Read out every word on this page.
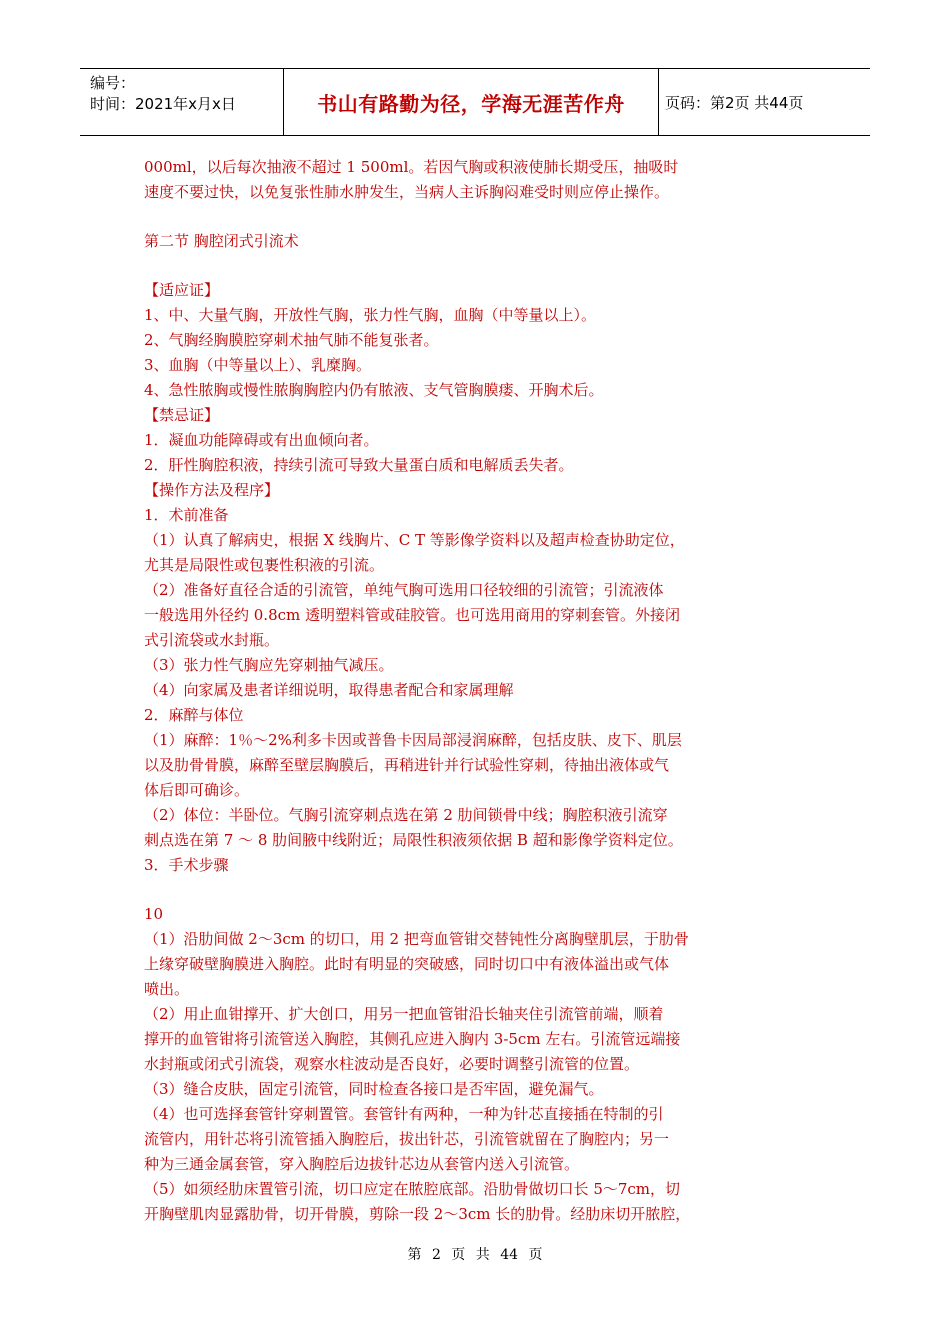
编号：
时间：2021年x月x日	书山有路勤为径，学海无涯苦作舟	页码：第2页 共44页
000ml，以后每次抽液不超过 1 500ml。若因气胸或积液使肺长期受压，抽吸时
速度不要过快，以免复张性肺水肿发生，当病人主诉胸闷难受时则应停止操作。
第二节 胸腔闭式引流术
【适应证】
1、中、大量气胸，开放性气胸，张力性气胸，血胸（中等量以上）。
2、气胸经胸膜腔穿刺术抽气肺不能复张者。
3、血胸（中等量以上）、乳糜胸。
4、急性脓胸或慢性脓胸胸腔内仍有脓液、支气管胸膜瘘、开胸术后。
【禁忌证】
1．凝血功能障碍或有出血倾向者。
2．肝性胸腔积液，持续引流可导致大量蛋白质和电解质丢失者。
【操作方法及程序】
1．术前准备
（1）认真了解病史，根据 X 线胸片、C T 等影像学资料以及超声检查协助定位，
尤其是局限性或包裹性积液的引流。
（2）准备好直径合适的引流管，单纯气胸可选用口径较细的引流管；引流液体
一般选用外径约 0.8cm 透明塑料管或硅胶管。也可选用商用的穿刺套管。外接闭
式引流袋或水封瓶。
（3）张力性气胸应先穿刺抽气减压。
（4）向家属及患者详细说明，取得患者配合和家属理解
2．麻醉与体位
（1）麻醉：1％～2%利多卡因或普鲁卡因局部浸润麻醉，包括皮肤、皮下、肌层
以及肋骨骨膜，麻醉至壁层胸膜后，再稍进针并行试验性穿刺，待抽出液体或气
体后即可确诊。
（2）体位：半卧位。气胸引流穿刺点选在第 2 肋间锁骨中线；胸腔积液引流穿
刺点选在第 7 ～ 8 肋间腋中线附近；局限性积液须依据 B 超和影像学资料定位。
3．手术步骤
10
（1）沿肋间做 2～3cm 的切口，用 2 把弯血管钳交替钝性分离胸壁肌层，于肋骨
上缘穿破壁胸膜进入胸腔。此时有明显的突破感，同时切口中有液体溢出或气体
喷出。
（2）用止血钳撑开、扩大创口，用另一把血管钳沿长轴夹住引流管前端，顺着
撑开的血管钳将引流管送入胸腔，其侧孔应进入胸内 3-5cm 左右。引流管远端接
水封瓶或闭式引流袋，观察水柱波动是否良好，必要时调整引流管的位置。
（3）缝合皮肤，固定引流管，同时检查各接口是否牢固，避免漏气。
（4）也可选择套管针穿刺置管。套管针有两种，一种为针芯直接插在特制的引
流管内，用针芯将引流管插入胸腔后，拔出针芯，引流管就留在了胸腔内；另一
种为三通金属套管，穿入胸腔后边拔针芯边从套管内送入引流管。
（5）如须经肋床置管引流，切口应定在脓腔底部。沿肋骨做切口长 5～7cm，切
开胸壁肌肉显露肋骨，切开骨膜，剪除一段 2～3cm 长的肋骨。经肋床切开脓腔，
第 2 页 共 44 页
